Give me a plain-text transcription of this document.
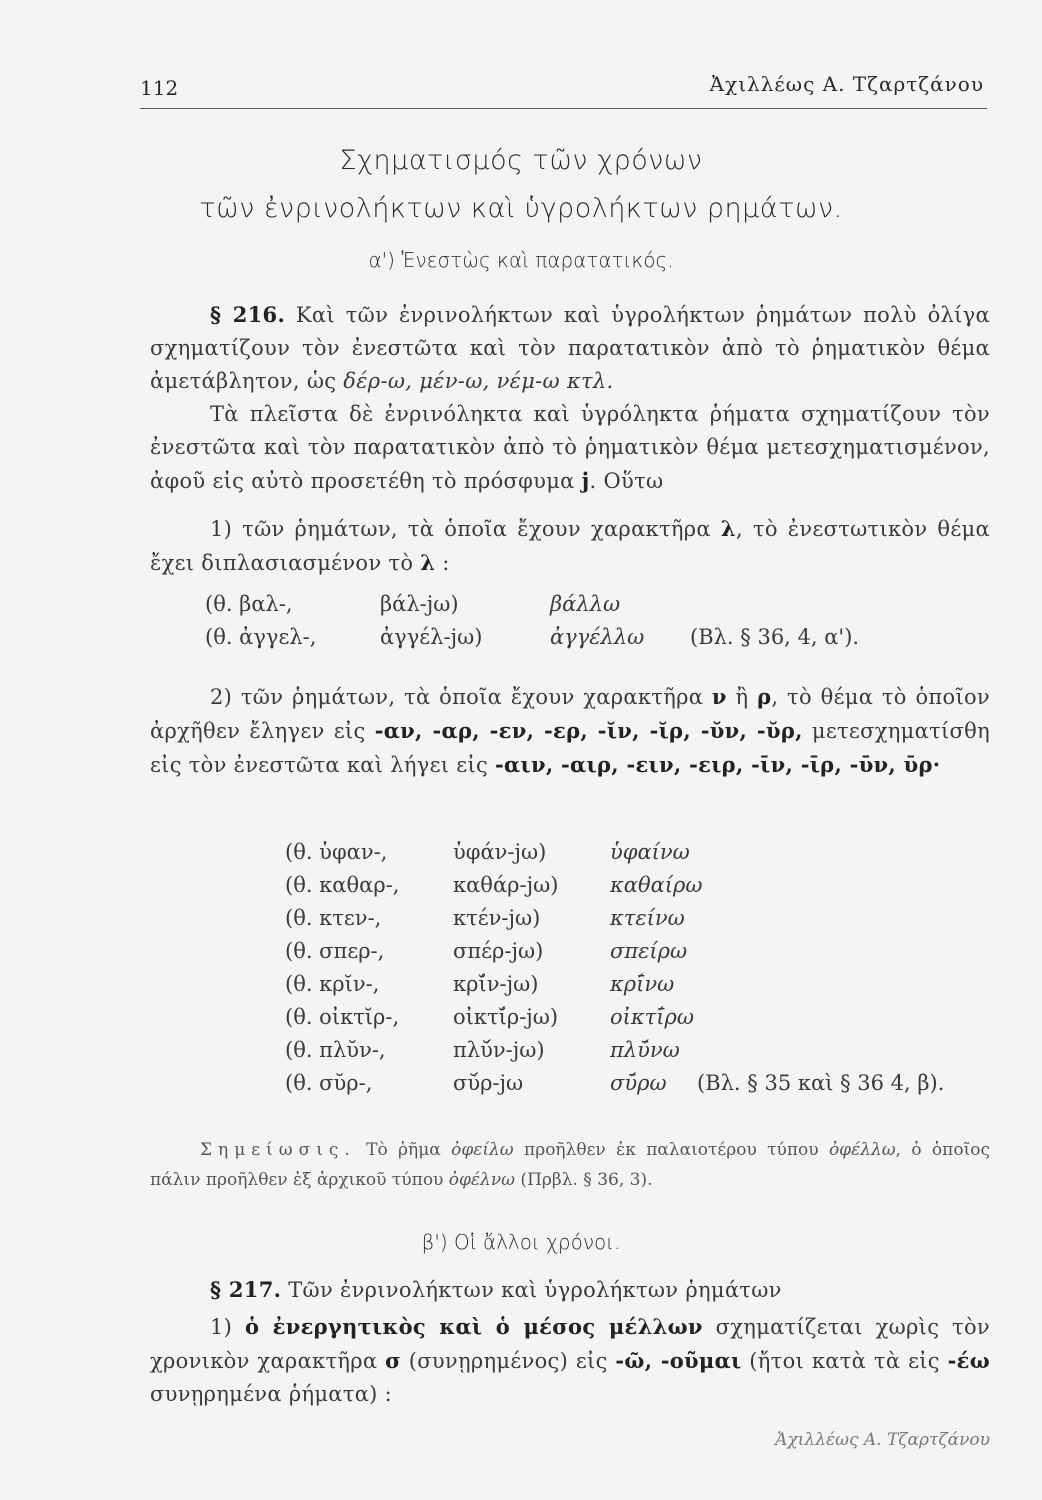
112	Ἀχιλλέως Α. Τζαρτζάνου
Σχηματισμός τῶν χρόνων
τῶν ἐνρινολήκτων καὶ ὑγρολήκτων ρημάτων.
α') Ἐνεστὼς καὶ παρατατικός.
§ 216. Καὶ τῶν ἐνρινολήκτων καὶ ὑγρολήκτων ῥημάτων πολὺ ὀλίγα σχηματίζουν τὸν ἐνεστῶτα καὶ τὸν παρατατικὸν ἀπὸ τὸ ῥηματικὸν θέμα ἀμετάβλητον, ὡς δέρ-ω, μέν-ω, νέμ-ω κτλ.
Τὰ πλεῖστα δὲ ἐνρινόληκτα καὶ ὑγρόληκτα ῥήματα σχηματίζουν τὸν ἐνεστῶτα καὶ τὸν παρατατικὸν ἀπὸ τὸ ῥηματικὸν θέμα μετεσχηματισμένον, ἀφοῦ εἰς αὐτὸ προσετέθη τὸ πρόσφυμα j. Οὕτω
1) τῶν ῥημάτων, τὰ ὁποῖα ἔχουν χαρακτῆρα λ, τὸ ἐνεστωτικὸν θέμα ἔχει διπλασιασμένον τὸ λ :
(θ. βαλ-,	βάλ-jω)	βάλλω
(θ. ἀγγελ-,	ἀγγέλ-jω)	ἀγγέλλω (Βλ. § 36, 4, α').
2) τῶν ῥημάτων, τὰ ὁποῖα ἔχουν χαρακτῆρα ν ἢ ρ, τὸ θέμα τὸ ὁποῖον ἀρχῆθεν ἔληγεν εἰς -αν, -αρ, -εν, -ερ, -ῐν, -ῐρ, -ῠν, -ῠρ, μετεσχηματίσθη εἰς τὸν ἐνεστῶτα καὶ λήγει εἰς -αιν, -αιρ, -ειν, -ειρ, -ῑν, -ῑρ, -ῡν, ῡρ·
(θ. ὑφαν-,	ὑφάν-jω)	ὑφαίνω
(θ. καθαρ-,	καθάρ-jω) καθαίρω
(θ. κτεν-,	κτέν-jω)	κτείνω
(θ. σπερ-,	σπέρ-jω)	σπείρω
(θ. κρῐν-,	κρῐ́ν-jω)	κρῑ́νω
(θ. οἰκτῐρ-,	οἰκτῐ́ρ-jω) οἰκτῑ́ρω
(θ. πλῠν-,	πλῠ́ν-jω)	πλῡ́νω
(θ. σῠρ-,	σῠ́ρ-jω	σῡ́ρω (Βλ. § 35 καὶ § 36 4, β).
Σημείωσις. Τὸ ῥῆμα ὀφείλω προῆλθεν ἐκ παλαιοτέρου τύπου ὀφέλλω, ὁ ὁποῖος πάλιν προῆλθεν ἐξ ἀρχικοῦ τύπου ὀφέλνω (Πρβλ. § 36, 3).
β') Οἱ ἄλλοι χρόνοι.
§ 217. Τῶν ἐνρινολήκτων καὶ ὑγρολήκτων ῥημάτων
1) ὁ ἐνεργητικὸς καὶ ὁ μέσος μέλλων σχηματίζεται χωρὶς τὸν χρονικὸν χαρακτῆρα σ (συνῃρημένος) εἰς -ῶ, -οῦμαι (ἤτοι κατὰ τὰ εἰς -έω συνῃρημένα ῥήματα) :
Ἀχιλλέως Α. Τζαρτζάνου
